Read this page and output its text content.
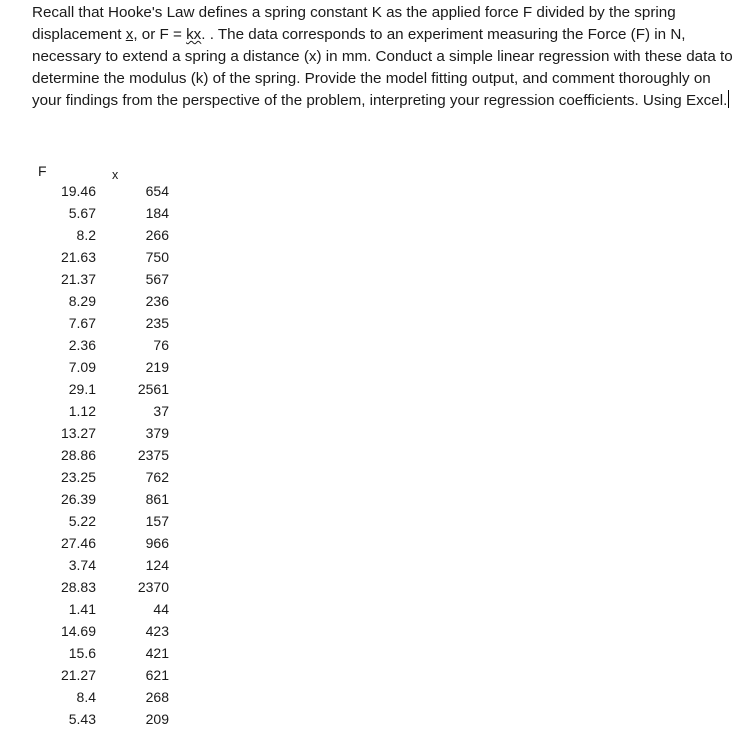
Recall that Hooke's Law defines a spring constant K as the applied force F divided by the spring
displacement x, or F = kx. . The data corresponds to an experiment measuring the Force (F) in N,
necessary to extend a spring a distance (x) in mm. Conduct a simple linear regression with these data to
determine the modulus (k) of the spring. Provide the model fitting output, and comment thoroughly on
your findings from the perspective of the problem, interpreting your regression coefficients. Using Excel.
F	x
19.46
5.67
8.2
21.63
21.37
8.29
7.67
2.36
7.09
29.1
1.12
13.27
28.86
23.25
26.39
5.22
27.46
3.74
28.83
1.41
14.69
15.6
21.27
8.4
5.43
654
184
266
750
567
236
235
76
219
2561
37
379
2375
762
861
157
966
124
2370
44
423
421
621
268
209
